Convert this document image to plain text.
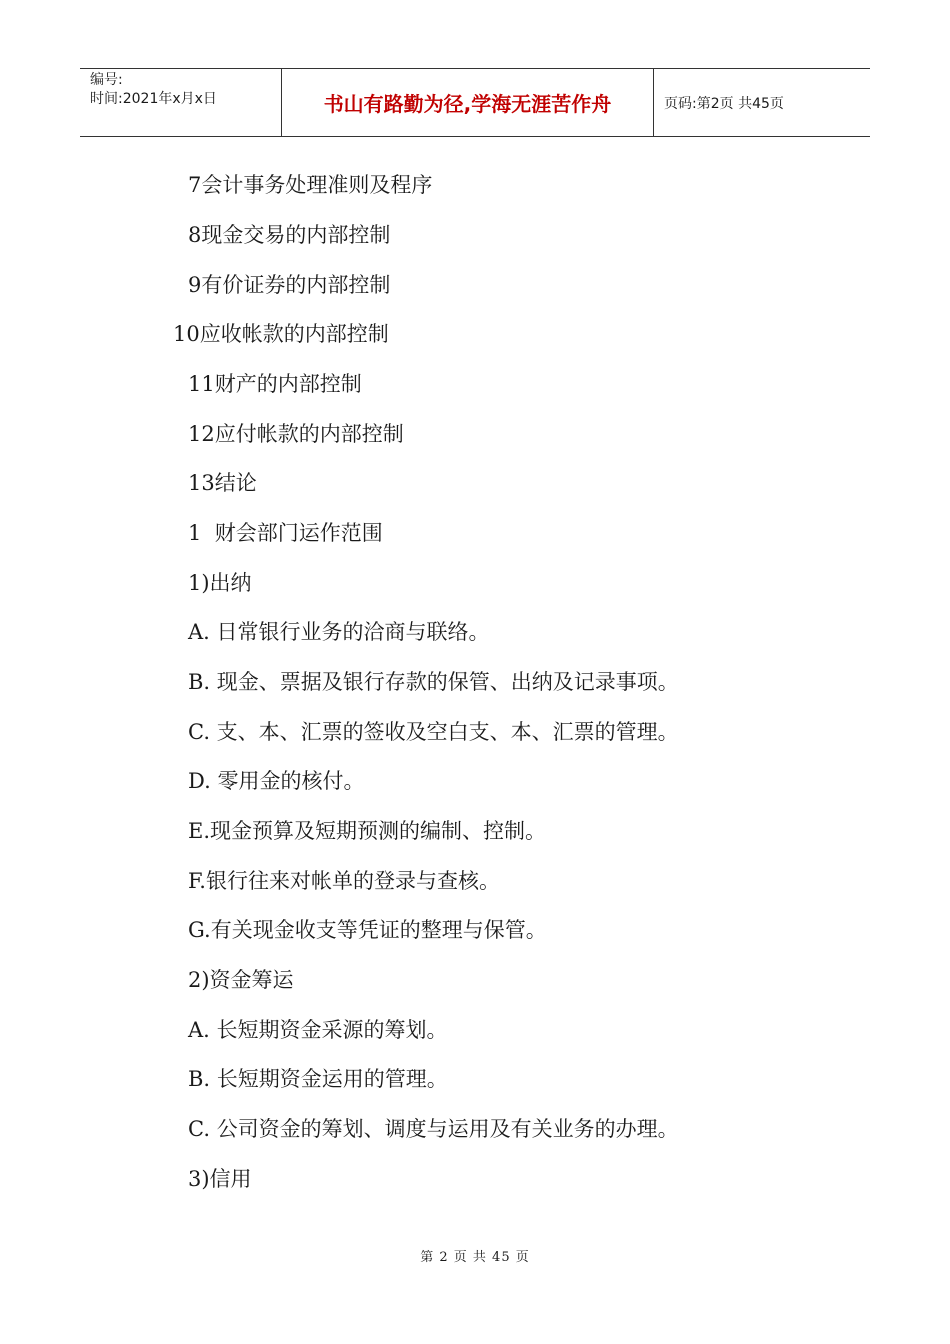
编号:
时间:2021年x月x日	书山有路勤为径,学海无涯苦作舟	页码:第2页 共45页
7会计事务处理准则及程序
8现金交易的内部控制
9有价证券的内部控制
10应收帐款的内部控制
11财产的内部控制
12应付帐款的内部控制
13结论
1  财会部门运作范围
1)出纳
A. 日常银行业务的洽商与联络。
B. 现金、票据及银行存款的保管、出纳及记录事项。
C. 支、本、汇票的签收及空白支、本、汇票的管理。
D. 零用金的核付。
E.现金预算及短期预测的编制、控制。
F.银行往来对帐单的登录与查核。
G.有关现金收支等凭证的整理与保管。
2)资金筹运
A. 长短期资金采源的筹划。
B. 长短期资金运用的管理。
C. 公司资金的筹划、调度与运用及有关业务的办理。
3)信用
第 2 页 共 45 页
